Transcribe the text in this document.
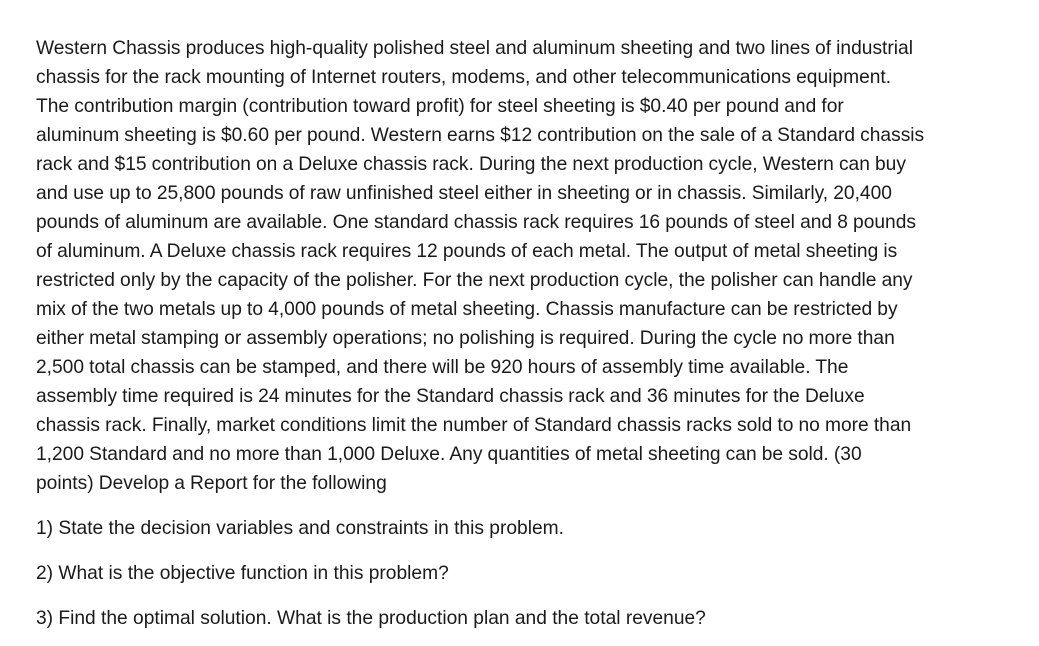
Western Chassis produces high-quality polished steel and aluminum sheeting and two lines of industrial
chassis for the rack mounting of Internet routers, modems, and other telecommunications equipment.
The contribution margin (contribution toward profit) for steel sheeting is $0.40 per pound and for
aluminum sheeting is $0.60 per pound. Western earns $12 contribution on the sale of a Standard chassis
rack and $15 contribution on a Deluxe chassis rack. During the next production cycle, Western can buy
and use up to 25,800 pounds of raw unfinished steel either in sheeting or in chassis. Similarly, 20,400
pounds of aluminum are available. One standard chassis rack requires 16 pounds of steel and 8 pounds
of aluminum. A Deluxe chassis rack requires 12 pounds of each metal. The output of metal sheeting is
restricted only by the capacity of the polisher. For the next production cycle, the polisher can handle any
mix of the two metals up to 4,000 pounds of metal sheeting. Chassis manufacture can be restricted by
either metal stamping or assembly operations; no polishing is required. During the cycle no more than
2,500 total chassis can be stamped, and there will be 920 hours of assembly time available. The
assembly time required is 24 minutes for the Standard chassis rack and 36 minutes for the Deluxe
chassis rack. Finally, market conditions limit the number of Standard chassis racks sold to no more than
1,200 Standard and no more than 1,000 Deluxe. Any quantities of metal sheeting can be sold. (30
points) Develop a Report for the following

1) State the decision variables and constraints in this problem.

2) What is the objective function in this problem?

3) Find the optimal solution. What is the production plan and the total revenue?
